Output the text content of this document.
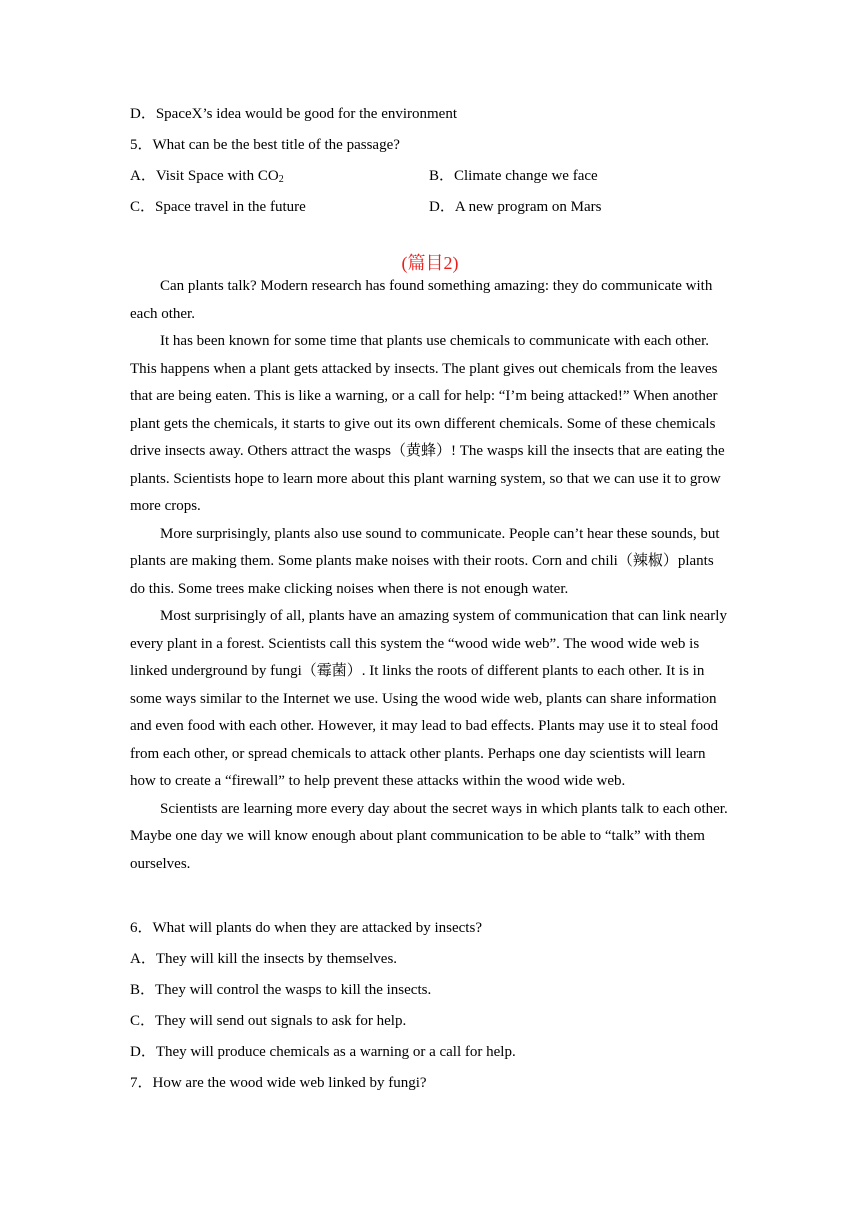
D．SpaceX’s idea would be good for the environment
5．What can be the best title of the passage?
A．Visit Space with $CO_2$	B．Climate change we face
C．Space travel in the future	D．A new program on Mars
(篇目2)

Can plants talk? Modern research has found something amazing: they do communicate with each other.

It has been known for some time that plants use chemicals to communicate with each other. This happens when a plant gets attacked by insects. The plant gives out chemicals from the leaves that are being eaten. This is like a warning, or a call for help: “I’m being attacked!” When another plant gets the chemicals, it starts to give out its own different chemicals. Some of these chemicals drive insects away. Others attract the wasps（黄蜂）! The wasps kill the insects that are eating the plants. Scientists hope to learn more about this plant warning system, so that we can use it to grow more crops.

More surprisingly, plants also use sound to communicate. People can’t hear these sounds, but plants are making them. Some plants make noises with their roots. Corn and chili（辣椒）plants do this. Some trees make clicking noises when there is not enough water.

Most surprisingly of all, plants have an amazing system of communication that can link nearly every plant in a forest. Scientists call this system the “wood wide web”. The wood wide web is linked underground by fungi（霉菌）. It links the roots of different plants to each other. It is in some ways similar to the Internet we use. Using the wood wide web, plants can share information and even food with each other. However, it may lead to bad effects. Plants may use it to steal food from each other, or spread chemicals to attack other plants. Perhaps one day scientists will learn how to create a “firewall” to help prevent these attacks within the wood wide web.

Scientists are learning more every day about the secret ways in which plants talk to each other. Maybe one day we will know enough about plant communication to be able to “talk” with them ourselves.

6．What will plants do when they are attacked by insects?
A．They will kill the insects by themselves.
B．They will control the wasps to kill the insects.
C．They will send out signals to ask for help.
D．They will produce chemicals as a warning or a call for help.
7．How are the wood wide web linked by fungi?
